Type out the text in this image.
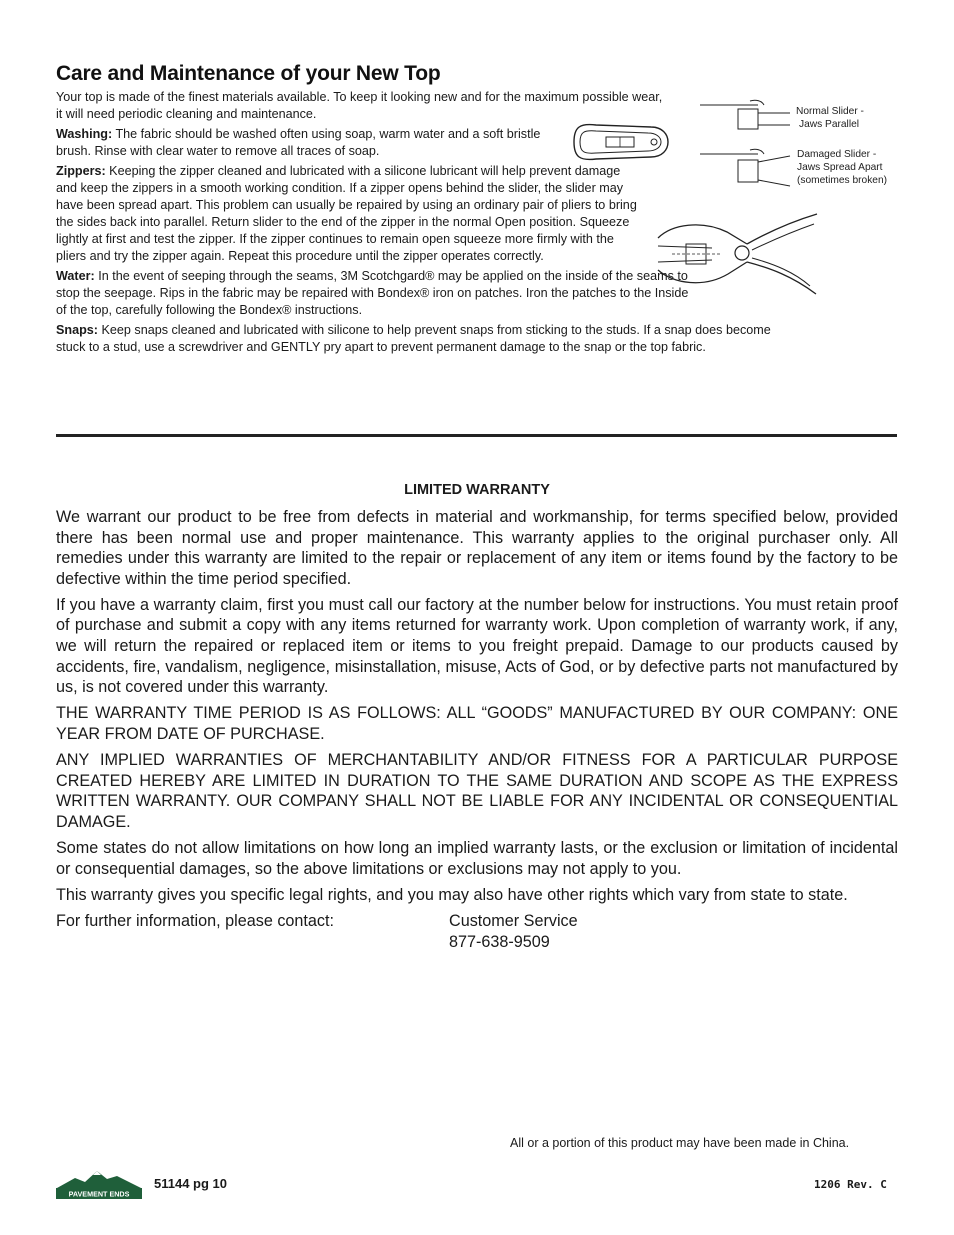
Care and Maintenance of your New Top

Your top is made of the finest materials available. To keep it looking new and for the maximum possible wear, it will need periodic cleaning and maintenance.

Washing: The fabric should be washed often using soap, warm water and a soft bristle brush. Rinse with clear water to remove all traces of soap.

Zippers: Keeping the zipper cleaned and lubricated with a silicone lubricant will help prevent damage and keep the zippers in a smooth working condition. If a zipper opens behind the slider, the slider may have been spread apart. This problem can usually be repaired by using an ordinary pair of pliers to bring the sides back into parallel. Return slider to the end of the zipper in the normal Open position. Squeeze lightly at first and test the zipper. If the zipper continues to remain open squeeze more firmly with the pliers and try the zipper again. Repeat this procedure until the zipper operates correctly.

Water: In the event of seeping through the seams, 3M Scotchgard® may be applied on the inside of the seams to stop the seepage. Rips in the fabric may be repaired with Bondex® iron on patches. Iron the patches to the Inside of the top, carefully following the Bondex® instructions.

Snaps: Keep snaps cleaned and lubricated with silicone to help prevent snaps from sticking to the studs. If a snap does become stuck to a stud, use a screwdriver and GENTLY pry apart to prevent permanent damage to the snap or the top fabric.

Normal Slider -
Jaws Parallel
Damaged Slider -
Jaws Spread Apart
(sometimes broken)
LIMITED WARRANTY

We warrant our product to be free from defects in material and workmanship, for terms specified below, provided there has been normal use and proper maintenance. This warranty applies to the original purchaser only. All remedies under this warranty are limited to the repair or replacement of any item or items found by the factory to be defective within the time period specified.

If you have a warranty claim, first you must call our factory at the number below for instructions. You must retain proof of purchase and submit a copy with any items returned for warranty work. Upon completion of warranty work, if any, we will return the repaired or replaced item or items to you freight prepaid. Damage to our products caused by accidents, fire, vandalism, negligence, misinstallation, misuse, Acts of God, or by defective parts not manufactured by us, is not covered under this warranty.

THE WARRANTY TIME PERIOD IS AS FOLLOWS: ALL “GOODS” MANUFACTURED BY OUR COMPANY: ONE YEAR FROM DATE OF PURCHASE.

ANY IMPLIED WARRANTIES OF MERCHANTABILITY AND/OR FITNESS FOR A PARTICULAR PURPOSE CREATED HEREBY ARE LIMITED IN DURATION TO THE SAME DURATION AND SCOPE AS THE EXPRESS WRITTEN WARRANTY. OUR COMPANY SHALL NOT BE LIABLE FOR ANY INCIDENTAL OR CONSEQUENTIAL DAMAGE.

Some states do not allow limitations on how long an implied warranty lasts, or the exclusion or limitation of incidental or consequential damages, so the above limitations or exclusions may not apply to you.

This warranty gives you specific legal rights, and you may also have other rights which vary from state to state.

For further information, please contact:	Customer Service
877-638-9509
All or a portion of this product may have been made in China.
PAVEMENT ENDS
51144 pg 10	1206 Rev. C
